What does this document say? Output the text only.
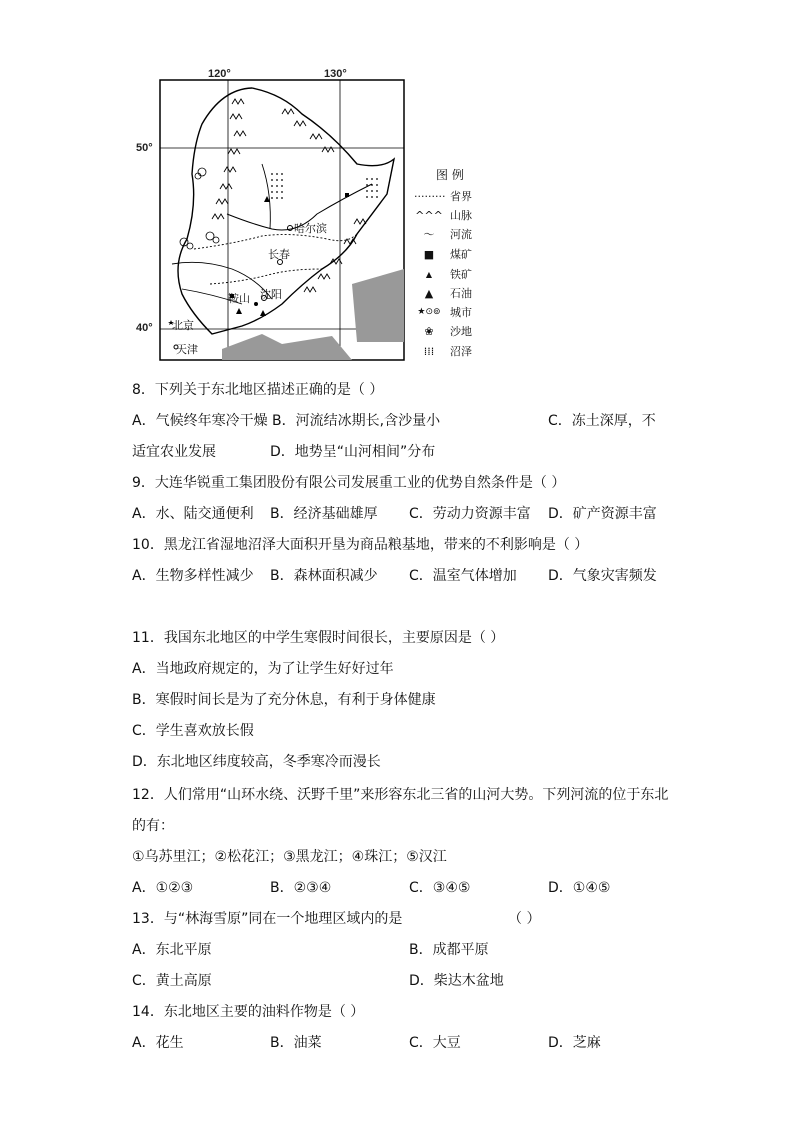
120°	130°
50°
40°
哈尔滨
长春
鞍山 沈阳
北京
天津
图 例
········· 省界
^^^ 山脉
〜	河流
■	煤矿
▲	铁矿
▲	石油
★⊙⊚ 城市
❀	沙地
⁞⁞⁞	沼泽
8．下列关于东北地区描述正确的是（ ）
A．气候终年寒冷干燥 B．河流结冰期长,含沙量小	C．冻土深厚，不
适宜农业发展	D．地势呈“山河相间”分布
9．大连华锐重工集团股份有限公司发展重工业的优势自然条件是（ ）
A．水、陆交通便利 B．经济基础雄厚 C．劳动力资源丰富 D．矿产资源丰富
10．黑龙江省湿地沼泽大面积开垦为商品粮基地，带来的不利影响是（ ）
A．生物多样性减少 B．森林面积减少 C．温室气体增加 D．气象灾害频发
11．我国东北地区的中学生寒假时间很长，主要原因是（ ）
A．当地政府规定的，为了让学生好好过年
B．寒假时间长是为了充分休息，有利于身体健康
C．学生喜欢放长假
D．东北地区纬度较高，冬季寒冷而漫长
12．人们常用“山环水绕、沃野千里”来形容东北三省的山河大势。下列河流的位于东北
的有：
①乌苏里江；②松花江；③黑龙江；④珠江；⑤汉江
A．①②③	B．②③④	C．③④⑤	D．①④⑤
13．与“林海雪原”同在一个地理区域内的是	（ ）
A．东北平原	B．成都平原
C．黄土高原	D．柴达木盆地
14．东北地区主要的油料作物是（ ）
A．花生	B．油菜	C．大豆	D．芝麻
